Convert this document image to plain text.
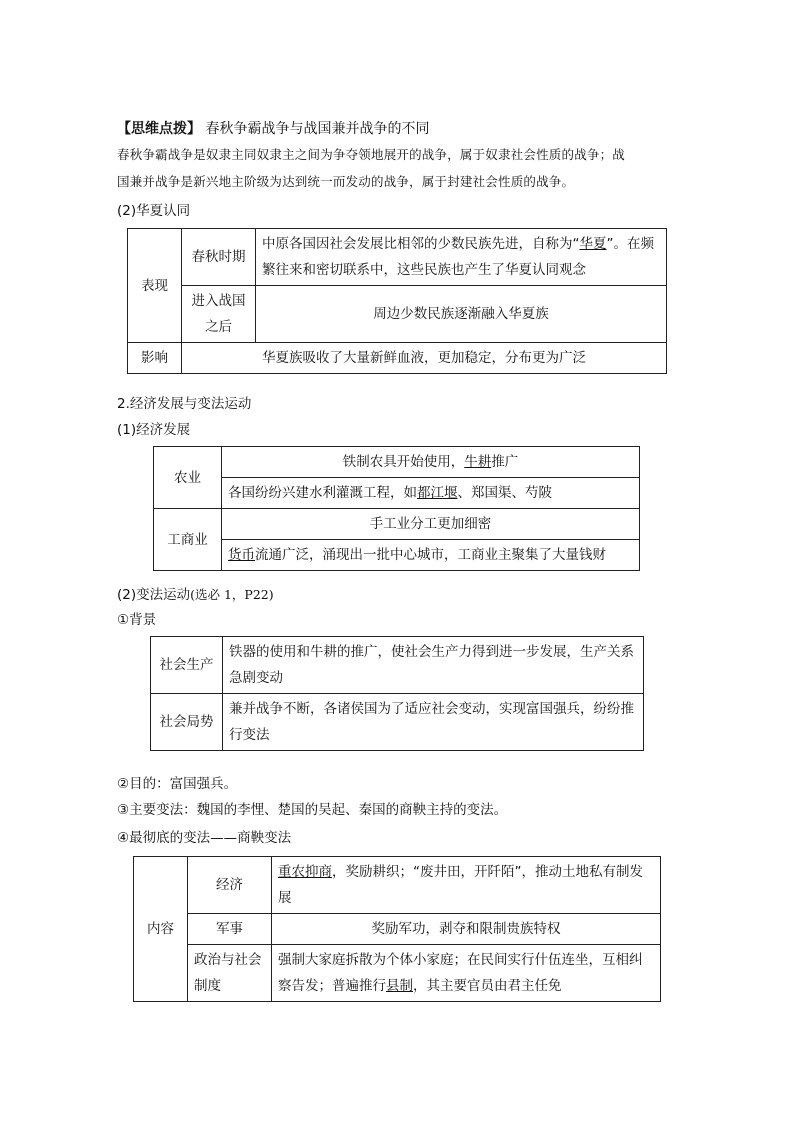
【思维点拨】 春秋争霸战争与战国兼并战争的不同
春秋争霸战争是奴隶主同奴隶主之间为争夺领地展开的战争，属于奴隶社会性质的战争；战
国兼并战争是新兴地主阶级为达到统一而发动的战争，属于封建社会性质的战争。
(2)华夏认同
表现	春秋时期	中原各国因社会发展比相邻的少数民族先进，自称为“华夏”。在频繁往来和密切联系中，这些民族也产生了华夏认同观念
	进入战国之后	周边少数民族逐渐融入华夏族
影响	华夏族吸收了大量新鲜血液，更加稳定，分布更为广泛	
2.经济发展与变法运动
(1)经济发展
农业	铁制农具开始使用，牛耕推广
	各国纷纷兴建水利灌溉工程，如都江堰、郑国渠、芍陂
工商业	手工业分工更加细密
	货币流通广泛，涌现出一批中心城市，工商业主聚集了大量钱财
(2)变法运动(选必 1，P22)
①背景
社会生产	铁器的使用和牛耕的推广，使社会生产力得到进一步发展，生产关系急剧变动
社会局势	兼并战争不断，各诸侯国为了适应社会变动，实现富国强兵，纷纷推行变法
②目的：富国强兵。
③主要变法：魏国的李悝、楚国的吴起、秦国的商鞅主持的变法。
④最彻底的变法——商鞅变法
内容	经济	重农抑商，奖励耕织；“废井田，开阡陌”，推动土地私有制发展
	军事	奖励军功，剥夺和限制贵族特权
	政治与社会制度	强制大家庭拆散为个体小家庭；在民间实行什伍连坐，互相纠察告发；普遍推行县制，其主要官员由君主任免
